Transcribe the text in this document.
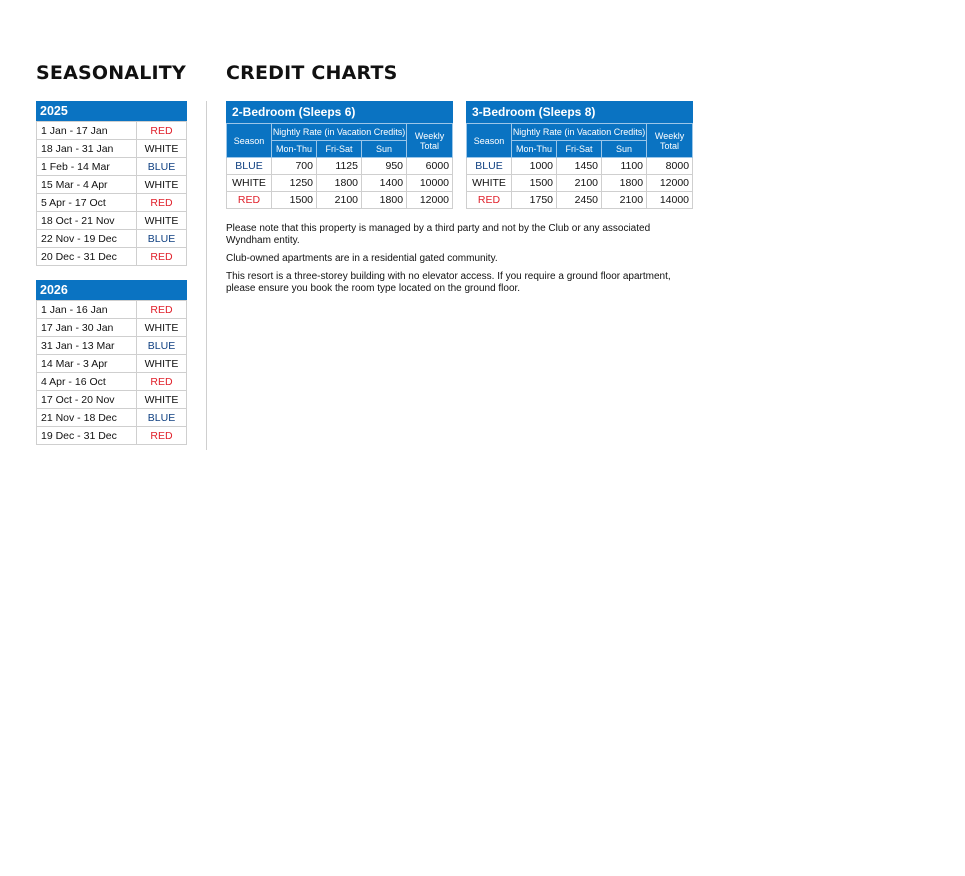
SEASONALITY CREDIT CHARTS
2025
1 Jan - 17 Jan	RED
18 Jan - 31 Jan	WHITE
1 Feb - 14 Mar	BLUE
15 Mar - 4 Apr	WHITE
5 Apr - 17 Oct	RED
18 Oct - 21 Nov	WHITE
22 Nov - 19 Dec	BLUE
20 Dec - 31 Dec	RED
2026
1 Jan - 16 Jan	RED
17 Jan - 30 Jan	WHITE
31 Jan - 13 Mar	BLUE
14 Mar - 3 Apr	WHITE
4 Apr - 16 Oct	RED
17 Oct - 20 Nov	WHITE
21 Nov - 18 Dec	BLUE
19 Dec - 31 Dec	RED
2-Bedroom (Sleeps 6)
Season	Nightly Rate (in Vacation Credits)			Weekly Total
	Mon-Thu	Fri-Sat	Sun	
BLUE	700	1125	950	6000
WHITE	1250	1800	1400	10000
RED	1500	2100	1800	12000
3-Bedroom (Sleeps 8)
Season	Nightly Rate (in Vacation Credits)			Weekly Total
	Mon-Thu	Fri-Sat	Sun	
BLUE	1000	1450	1100	8000
WHITE	1500	2100	1800	12000
RED	1750	2450	2100	14000

Please note that this property is managed by a third party and not by the Club or any associated Wyndham entity.

Club-owned apartments are in a residential gated community.

This resort is a three-storey building with no elevator access. If you require a ground floor apartment, please ensure you book the room type located on the ground floor.
